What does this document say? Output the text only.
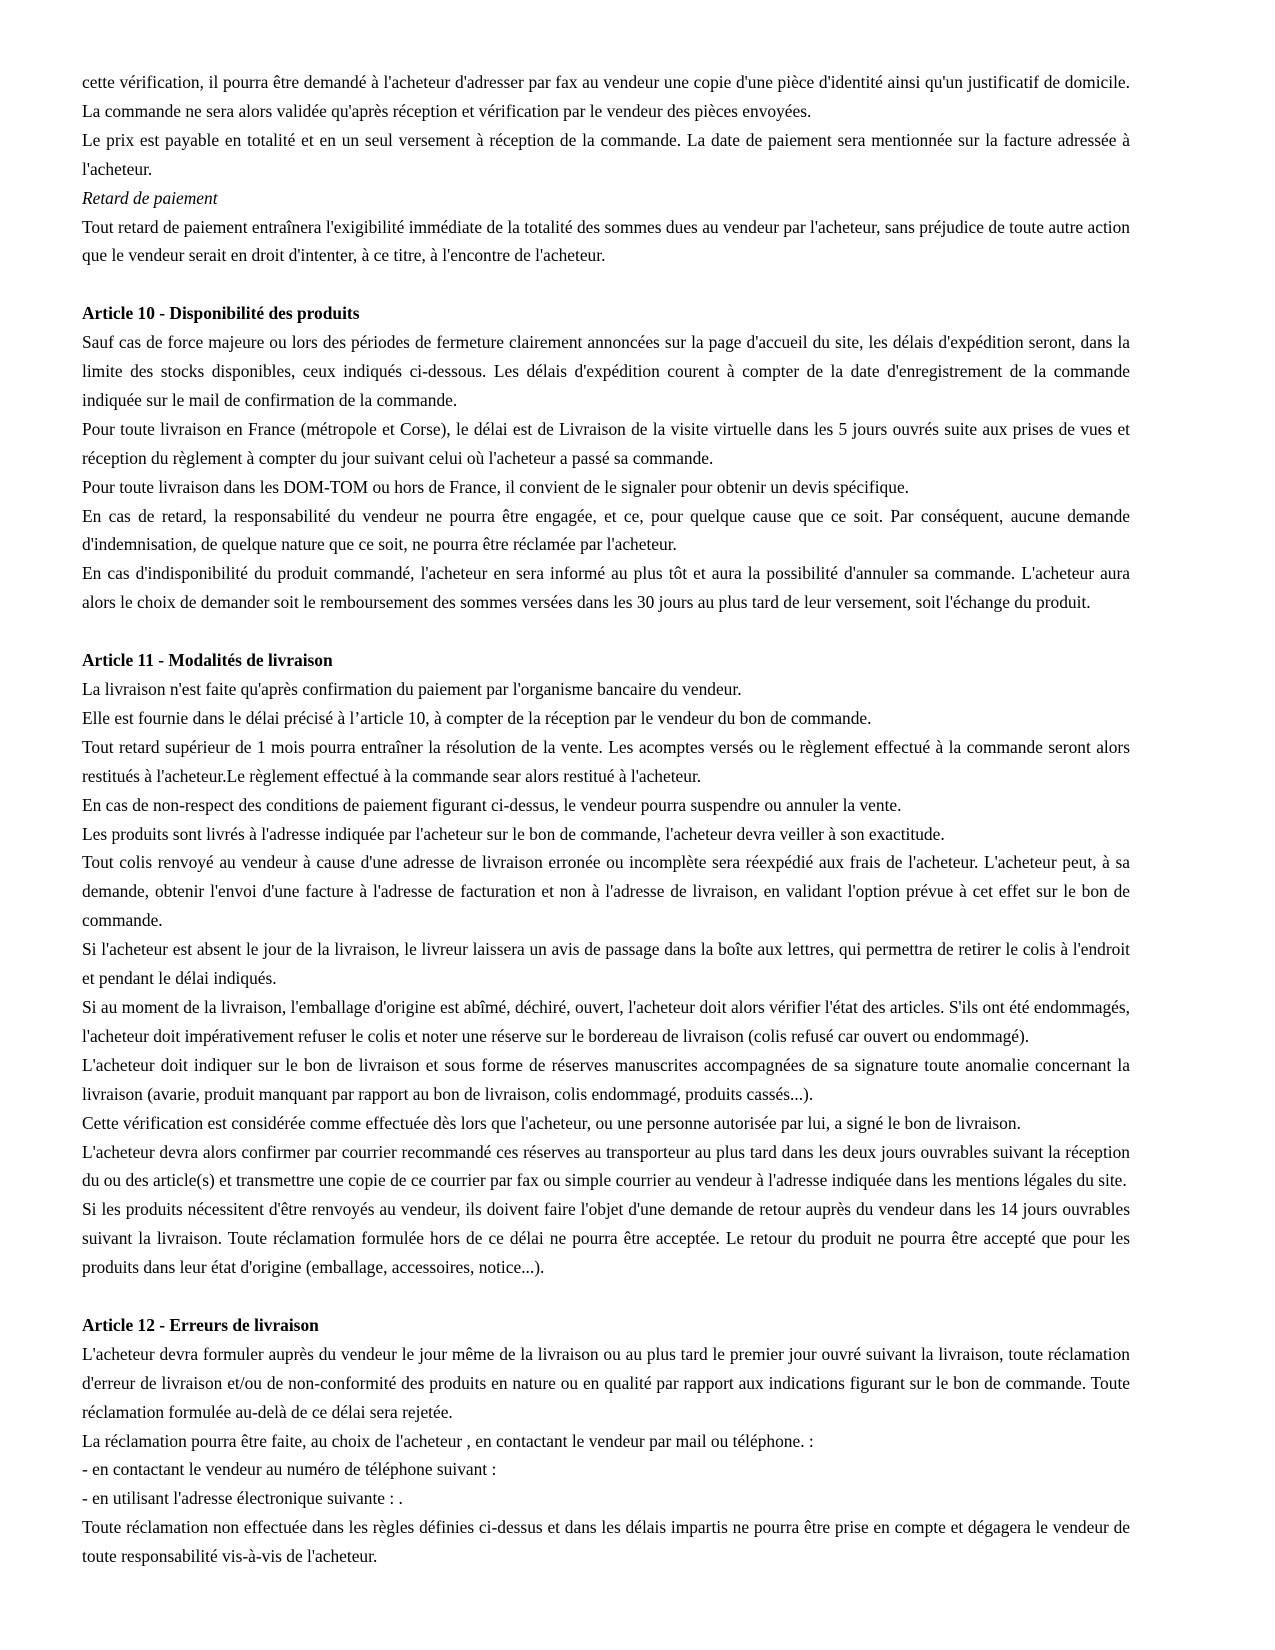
cette vérification, il pourra être demandé à l'acheteur d'adresser par fax au vendeur une copie d'une pièce d'identité ainsi qu'un justificatif de domicile. La commande ne sera alors validée qu'après réception et vérification par le vendeur des pièces envoyées.

Le prix est payable en totalité et en un seul versement à réception de la commande. La date de paiement sera mentionnée sur la facture adressée à l'acheteur.

Retard de paiement

Tout retard de paiement entraînera l'exigibilité immédiate de la totalité des sommes dues au vendeur par l'acheteur, sans préjudice de toute autre action que le vendeur serait en droit d'intenter, à ce titre, à l'encontre de l'acheteur.

Article 10 - Disponibilité des produits

Sauf cas de force majeure ou lors des périodes de fermeture clairement annoncées sur la page d'accueil du site, les délais d'expédition seront, dans la limite des stocks disponibles, ceux indiqués ci-dessous. Les délais d'expédition courent à compter de la date d'enregistrement de la commande indiquée sur le mail de confirmation de la commande.

Pour toute livraison en France (métropole et Corse), le délai est de Livraison de la visite virtuelle dans les 5 jours ouvrés suite aux prises de vues et réception du règlement à compter du jour suivant celui où l'acheteur a passé sa commande.

Pour toute livraison dans les DOM-TOM ou hors de France, il convient de le signaler pour obtenir un devis spécifique.

En cas de retard, la responsabilité du vendeur ne pourra être engagée, et ce, pour quelque cause que ce soit. Par conséquent, aucune demande d'indemnisation, de quelque nature que ce soit, ne pourra être réclamée par l'acheteur.

En cas d'indisponibilité du produit commandé, l'acheteur en sera informé au plus tôt et aura la possibilité d'annuler sa commande. L'acheteur aura alors le choix de demander soit le remboursement des sommes versées dans les 30 jours au plus tard de leur versement, soit l'échange du produit.

Article 11 - Modalités de livraison

La livraison n'est faite qu'après confirmation du paiement par l'organisme bancaire du vendeur.

Elle est fournie dans le délai précisé à l’article 10, à compter de la réception par le vendeur du bon de commande.

Tout retard supérieur de 1 mois pourra entraîner la résolution de la vente. Les acomptes versés ou le règlement effectué à la commande seront alors restitués à l'acheteur.Le règlement effectué à la commande sear alors restitué à l'acheteur.

En cas de non-respect des conditions de paiement figurant ci-dessus, le vendeur pourra suspendre ou annuler la vente.

Les produits sont livrés à l'adresse indiquée par l'acheteur sur le bon de commande, l'acheteur devra veiller à son exactitude.

Tout colis renvoyé au vendeur à cause d'une adresse de livraison erronée ou incomplète sera réexpédié aux frais de l'acheteur. L'acheteur peut, à sa demande, obtenir l'envoi d'une facture à l'adresse de facturation et non à l'adresse de livraison, en validant l'option prévue à cet effet sur le bon de commande.

Si l'acheteur est absent le jour de la livraison, le livreur laissera un avis de passage dans la boîte aux lettres, qui permettra de retirer le colis à l'endroit et pendant le délai indiqués.

Si au moment de la livraison, l'emballage d'origine est abîmé, déchiré, ouvert, l'acheteur doit alors vérifier l'état des articles. S'ils ont été endommagés, l'acheteur doit impérativement refuser le colis et noter une réserve sur le bordereau de livraison (colis refusé car ouvert ou endommagé).

L'acheteur doit indiquer sur le bon de livraison et sous forme de réserves manuscrites accompagnées de sa signature toute anomalie concernant la livraison (avarie, produit manquant par rapport au bon de livraison, colis endommagé, produits cassés...).

Cette vérification est considérée comme effectuée dès lors que l'acheteur, ou une personne autorisée par lui, a signé le bon de livraison.

L'acheteur devra alors confirmer par courrier recommandé ces réserves au transporteur au plus tard dans les deux jours ouvrables suivant la réception du ou des article(s) et transmettre une copie de ce courrier par fax ou simple courrier au vendeur à l'adresse indiquée dans les mentions légales du site.

Si les produits nécessitent d'être renvoyés au vendeur, ils doivent faire l'objet d'une demande de retour auprès du vendeur dans les 14 jours ouvrables suivant la livraison. Toute réclamation formulée hors de ce délai ne pourra être acceptée. Le retour du produit ne pourra être accepté que pour les produits dans leur état d'origine (emballage, accessoires, notice...).

Article 12 - Erreurs de livraison

L'acheteur devra formuler auprès du vendeur le jour même de la livraison ou au plus tard le premier jour ouvré suivant la livraison, toute réclamation d'erreur de livraison et/ou de non-conformité des produits en nature ou en qualité par rapport aux indications figurant sur le bon de commande. Toute réclamation formulée au-delà de ce délai sera rejetée.

La réclamation pourra être faite, au choix de l'acheteur , en contactant le vendeur par mail ou téléphone. :

- en contactant le vendeur au numéro de téléphone suivant :

- en utilisant l'adresse électronique suivante : .

Toute réclamation non effectuée dans les règles définies ci-dessus et dans les délais impartis ne pourra être prise en compte et dégagera le vendeur de toute responsabilité vis-à-vis de l'acheteur.
